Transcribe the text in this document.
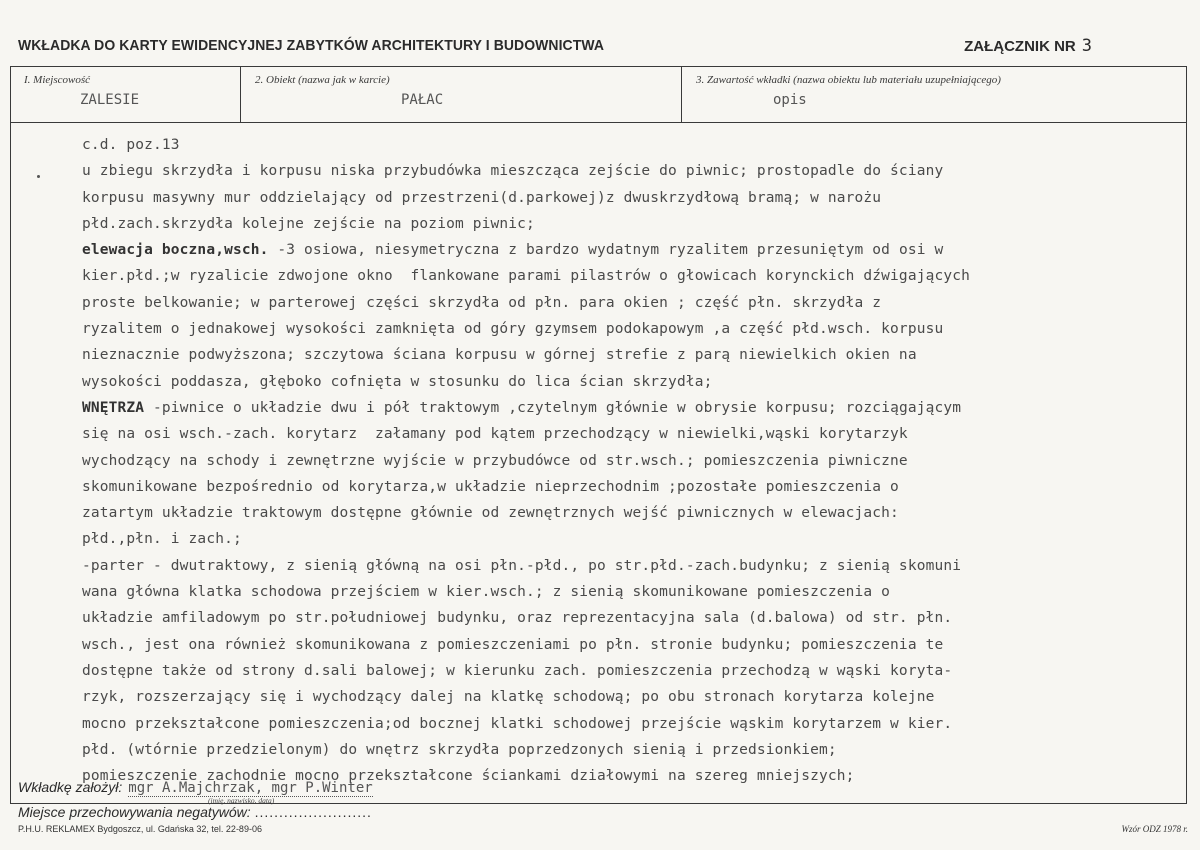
WKŁADKA DO KARTY EWIDENCYJNEJ ZABYTKÓW ARCHITEKTURY I BUDOWNICTWA	ZAŁĄCZNIK NR 3
I. Miejscowość
ZALESIE
2. Obiekt (nazwa jak w karcie)
PAŁAC
3. Zawartość wkładki (nazwa obiektu lub materiału uzupełniającego)
opis
c.d. poz.13
u zbiegu skrzydła i korpusu niska przybudówka mieszcząca zejście do piwnic; prostopadle do ściany
korpusu masywny mur oddzielający od przestrzeni(d.parkowej)z dwuskrzydłową bramą; w narożu
płd.zach.skrzydła kolejne zejście na poziom piwnic;
elewacja boczna,wsch. -3 osiowa, niesymetryczna z bardzo wydatnym ryzalitem przesuniętym od osi w
kier.płd.;w ryzalicie zdwojone okno  flankowane parami pilastrów o głowicach korynckich dźwigających
proste belkowanie; w parterowej części skrzydła od płn. para okien ; część płn. skrzydła z
ryzalitem o jednakowej wysokości zamknięta od góry gzymsem podokapowym ,a część płd.wsch. korpusu
nieznacznie podwyższona; szczytowa ściana korpusu w górnej strefie z parą niewielkich okien na
wysokości poddasza, głęboko cofnięta w stosunku do lica ścian skrzydła;
WNĘTRZA -piwnice o układzie dwu i pół traktowym ,czytelnym głównie w obrysie korpusu; rozciągającym
się na osi wsch.-zach. korytarz  załamany pod kątem przechodzący w niewielki,wąski korytarzyk
wychodzący na schody i zewnętrzne wyjście w przybudówce od str.wsch.; pomieszczenia piwniczne
skomunikowane bezpośrednio od korytarza,w układzie nieprzechodnim ;pozostałe pomieszczenia o
zatartym układzie traktowym dostępne głównie od zewnętrznych wejść piwnicznych w elewacjach:
płd.,płn. i zach.;
-parter - dwutraktowy, z sienią główną na osi płn.-płd., po str.płd.-zach.budynku; z sienią skomuni
wana główna klatka schodowa przejściem w kier.wsch.; z sienią skomunikowane pomieszczenia o
układzie amfiladowym po str.południowej budynku, oraz reprezentacyjna sala (d.balowa) od str. płn.
wsch., jest ona również skomunikowana z pomieszczeniami po płn. stronie budynku; pomieszczenia te
dostępne także od strony d.sali balowej; w kierunku zach. pomieszczenia przechodzą w wąski koryta-
rzyk, rozszerzający się i wychodzący dalej na klatkę schodową; po obu stronach korytarza kolejne
mocno przekształcone pomieszczenia;od bocznej klatki schodowej przejście wąskim korytarzem w kier.
płd. (wtórnie przedzielonym) do wnętrz skrzydła poprzedzonych sienią i przedsionkiem;
pomieszczenie zachodnie mocno przekształcone ściankami działowymi na szereg mniejszych;
Wkładkę założył: mgr A.Majchrzak, mgr P.Winter
(imię, nazwisko, data)
Miejsce przechowywania negatywów: ........................
P.H.U. REKLAMEX Bydgoszcz, ul. Gdańska 32, tel. 22-89-06	Wzór ODZ 1978 r.
